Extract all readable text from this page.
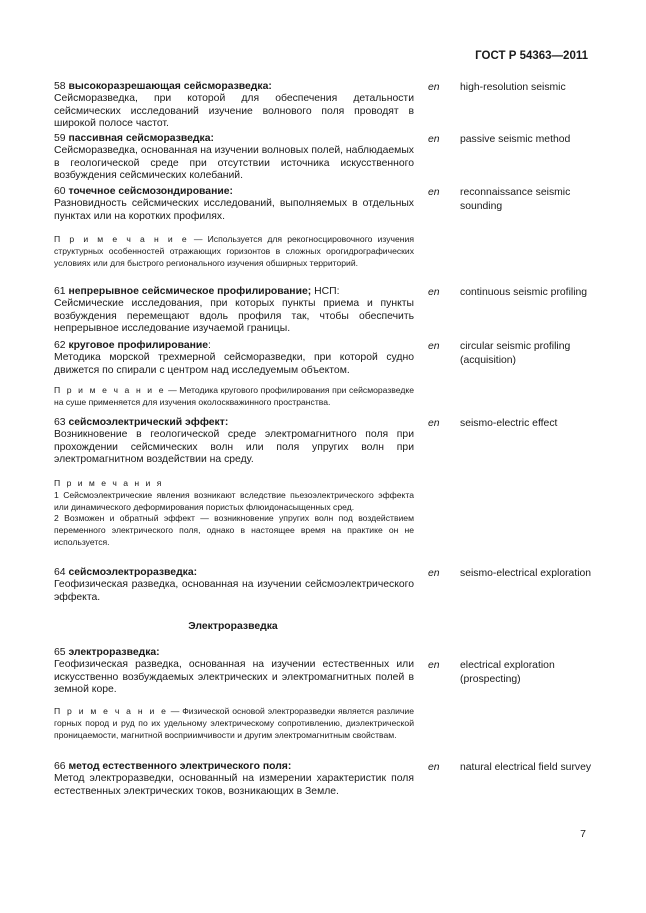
ГОСТ Р 54363—2011
58 высокоразрешающая сейсморазведка:
Сейсморазведка, при которой для обеспечения детальности сейсмических исследований изучение волнового поля проводят в широкой полосе частот.
en high-resolution seismic
59 пассивная сейсморазведка:
Сейсморазведка, основанная на изучении волновых полей, наблюдаемых в геологической среде при отсутствии источника искусственного возбуждения сейсмических колебаний.
en passive seismic method
60 точечное сейсмозондирование:
Разновидность сейсмических исследований, выполняемых в отдельных пунктах или на коротких профилях.
en reconnaissance seismic sounding
П р и м е ч а н и е — Используется для рекогносцировочного изучения структурных особенностей отражающих горизонтов в сложных орогидрографических условиях или для быстрого регионального изучения обширных территорий.
61 непрерывное сейсмическое профилирование; НСП:
Сейсмические исследования, при которых пункты приема и пункты возбуждения перемещают вдоль профиля так, чтобы обеспечить непрерывное исследование изучаемой границы.
en continuous seismic profiling
62 круговое профилирование:
Методика морской трехмерной сейсморазведки, при которой судно движется по спирали с центром над исследуемым объектом.
en circular seismic profiling (acquisition)
П р и м е ч а н и е — Методика кругового профилирования при сейсморазведке на суше применяется для изучения околоскважинного пространства.
63 сейсмоэлектрический эффект:
Возникновение в геологической среде электромагнитного поля при прохождении сейсмических волн или поля упругих волн при электромагнитном воздействии на среду.
en seismo-electric effect

П р и м е ч а н и я

1 Сейсмоэлектрические явления возникают вследствие пьезоэлектрического эффекта или динамического деформирования пористых флюидонасыщенных сред.

2 Возможен и обратный эффект — возникновение упругих волн под воздействием переменного электрического поля, однако в настоящее время на практике он не используется.

64 сейсмоэлектроразведка:
Геофизическая разведка, основанная на изучении сейсмоэлектрического эффекта.
en seismo-electrical exploration
Электроразведка
65 электроразведка:
Геофизическая разведка, основанная на изучении естественных или искусственно возбуждаемых электрических и электромагнитных полей в земной коре.
en electrical exploration (prospecting)
П р и м е ч а н и е — Физической основой электроразведки является различие горных пород и руд по их удельному электрическому сопротивлению, диэлектрической проницаемости, магнитной восприимчивости и другим электромагнитным свойствам.
66 метод естественного электрического поля:
Метод электроразведки, основанный на измерении характеристик поля естественных электрических токов, возникающих в Земле.
en natural electrical field survey
7
